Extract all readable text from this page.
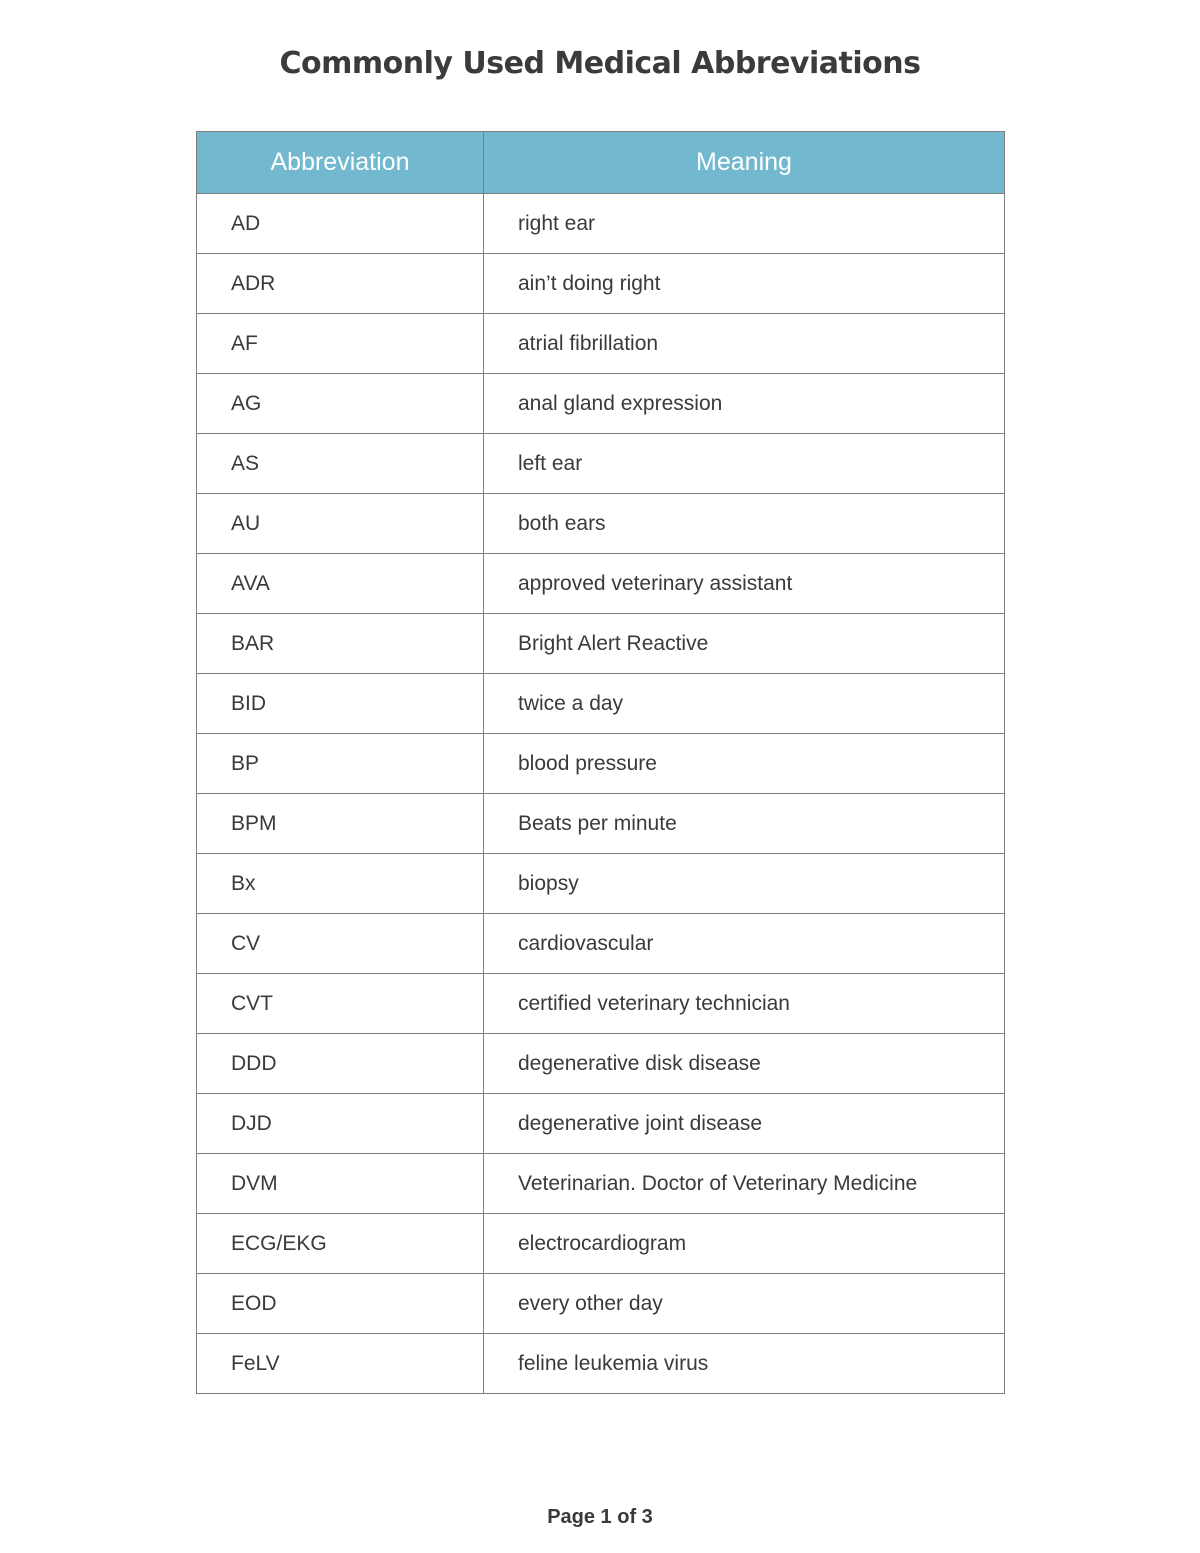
Commonly Used Medical Abbreviations
Abbreviation	Meaning
AD	right ear
ADR	ain’t doing right
AF	atrial fibrillation
AG	anal gland expression
AS	left ear
AU	both ears
AVA	approved veterinary assistant
BAR	Bright Alert Reactive
BID	twice a day
BP	blood pressure
BPM	Beats per minute
Bx	biopsy
CV	cardiovascular
CVT	certified veterinary technician
DDD	degenerative disk disease
DJD	degenerative joint disease
DVM	Veterinarian. Doctor of Veterinary Medicine
ECG/EKG	electrocardiogram
EOD	every other day
FeLV	feline leukemia virus
Page 1 of 3
